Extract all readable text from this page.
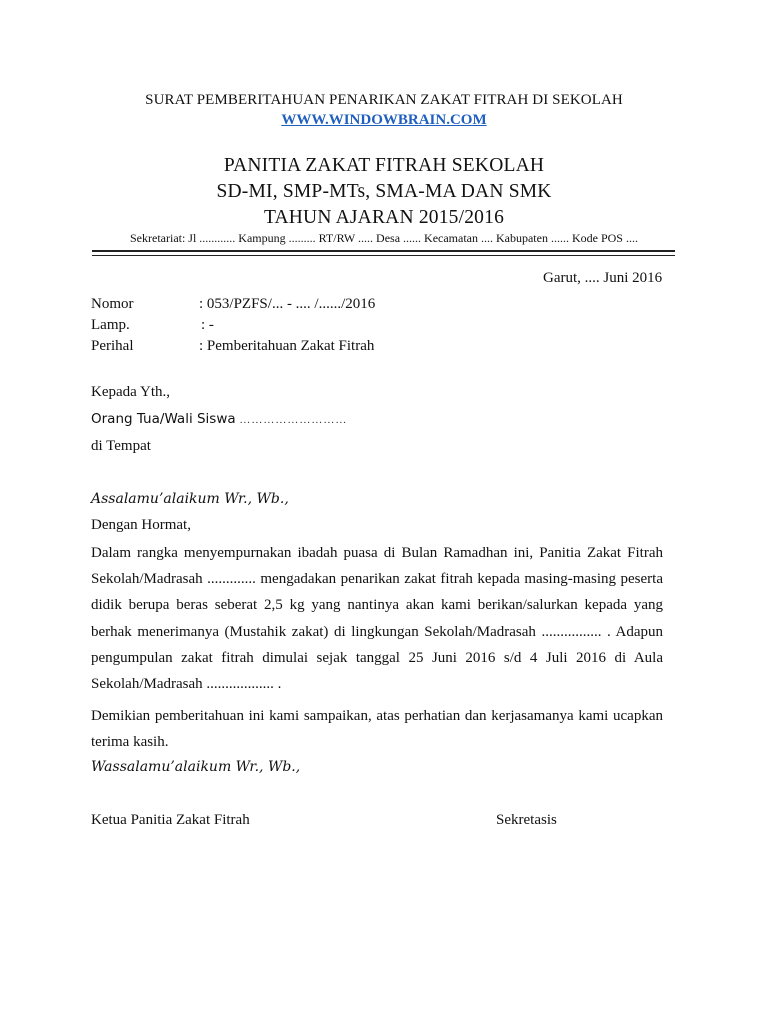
SURAT PEMBERITAHUAN PENARIKAN ZAKAT FITRAH DI SEKOLAH
WWW.WINDOWBRAIN.COM
PANITIA ZAKAT FITRAH SEKOLAH
SD-MI, SMP-MTs, SMA-MA DAN SMK
TAHUN AJARAN 2015/2016
Sekretariat: Jl ............ Kampung ......... RT/RW ..... Desa ...... Kecamatan .... Kabupaten ...... Kode POS ....
Garut, .... Juni 2016
Nomor	: 053/PZFS/... - .... /....../2016
Lamp.	: -
Perihal	: Pemberitahuan Zakat Fitrah
Kepada Yth.,
Orang Tua/Wali Siswa ………………………
di Tempat
Assalamu’alaikum Wr., Wb.,
Dengan Hormat,
Dalam rangka menyempurnakan ibadah puasa di Bulan Ramadhan ini, Panitia Zakat Fitrah Sekolah/Madrasah ............. mengadakan penarikan zakat fitrah kepada masing-masing peserta didik berupa beras seberat 2,5 kg yang nantinya akan kami berikan/salurkan kepada yang berhak menerimanya (Mustahik zakat) di lingkungan Sekolah/Madrasah ................ . Adapun pengumpulan zakat fitrah dimulai sejak tanggal 25 Juni 2016 s/d 4 Juli 2016 di Aula Sekolah/Madrasah .................. .
Demikian pemberitahuan ini kami sampaikan, atas perhatian dan kerjasamanya kami ucapkan terima kasih.
Wassalamu’alaikum Wr., Wb.,
Ketua Panitia Zakat Fitrah	Sekretasis
